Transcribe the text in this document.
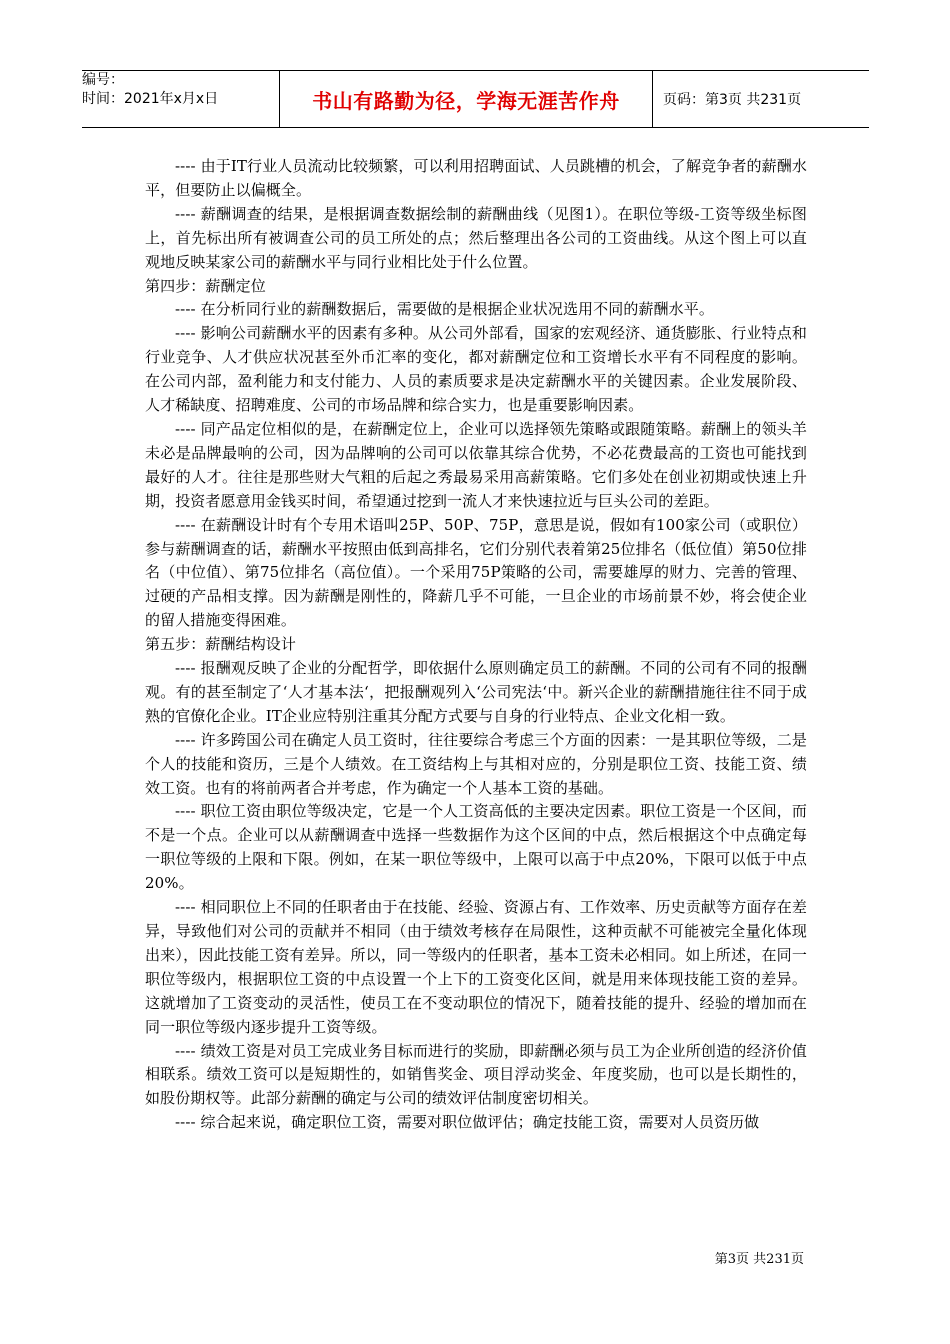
编号：
时间：2021年x月x日	书山有路勤为径，学海无涯苦作舟	页码：第3页 共231页

---- 由于IT行业人员流动比较频繁，可以利用招聘面试、人员跳槽的机会，了解竞争者的薪酬水平，但要防止以偏概全。

---- 薪酬调查的结果，是根据调查数据绘制的薪酬曲线（见图1）。在职位等级-工资等级坐标图上，首先标出所有被调查公司的员工所处的点；然后整理出各公司的工资曲线。从这个图上可以直观地反映某家公司的薪酬水平与同行业相比处于什么位置。

第四步：薪酬定位

---- 在分析同行业的薪酬数据后，需要做的是根据企业状况选用不同的薪酬水平。

---- 影响公司薪酬水平的因素有多种。从公司外部看，国家的宏观经济、通货膨胀、行业特点和行业竞争、人才供应状况甚至外币汇率的变化，都对薪酬定位和工资增长水平有不同程度的影响。在公司内部，盈利能力和支付能力、人员的素质要求是决定薪酬水平的关键因素。企业发展阶段、人才稀缺度、招聘难度、公司的市场品牌和综合实力，也是重要影响因素。

---- 同产品定位相似的是，在薪酬定位上，企业可以选择领先策略或跟随策略。薪酬上的领头羊未必是品牌最响的公司，因为品牌响的公司可以依靠其综合优势，不必花费最高的工资也可能找到最好的人才。往往是那些财大气粗的后起之秀最易采用高薪策略。它们多处在创业初期或快速上升期，投资者愿意用金钱买时间，希望通过挖到一流人才来快速拉近与巨头公司的差距。

---- 在薪酬设计时有个专用术语叫25P、50P、75P，意思是说，假如有100家公司（或职位）参与薪酬调查的话，薪酬水平按照由低到高排名，它们分别代表着第25位排名（低位值）第50位排名（中位值）、第75位排名（高位值）。一个采用75P策略的公司，需要雄厚的财力、完善的管理、过硬的产品相支撑。因为薪酬是刚性的，降薪几乎不可能，一旦企业的市场前景不妙，将会使企业的留人措施变得困难。

第五步：薪酬结构设计

---- 报酬观反映了企业的分配哲学，即依据什么原则确定员工的薪酬。不同的公司有不同的报酬观。有的甚至制定了‘人才基本法‘，把报酬观列入‘公司宪法‘中。新兴企业的薪酬措施往往不同于成熟的官僚化企业。IT企业应特别注重其分配方式要与自身的行业特点、企业文化相一致。

---- 许多跨国公司在确定人员工资时，往往要综合考虑三个方面的因素：一是其职位等级，二是个人的技能和资历，三是个人绩效。在工资结构上与其相对应的，分别是职位工资、技能工资、绩效工资。也有的将前两者合并考虑，作为确定一个人基本工资的基础。

---- 职位工资由职位等级决定，它是一个人工资高低的主要决定因素。职位工资是一个区间，而不是一个点。企业可以从薪酬调查中选择一些数据作为这个区间的中点，然后根据这个中点确定每一职位等级的上限和下限。例如，在某一职位等级中，上限可以高于中点20%，下限可以低于中点20%。

---- 相同职位上不同的任职者由于在技能、经验、资源占有、工作效率、历史贡献等方面存在差异，导致他们对公司的贡献并不相同（由于绩效考核存在局限性，这种贡献不可能被完全量化体现出来），因此技能工资有差异。所以，同一等级内的任职者，基本工资未必相同。如上所述，在同一职位等级内，根据职位工资的中点设置一个上下的工资变化区间，就是用来体现技能工资的差异。这就增加了工资变动的灵活性，使员工在不变动职位的情况下，随着技能的提升、经验的增加而在同一职位等级内逐步提升工资等级。

---- 绩效工资是对员工完成业务目标而进行的奖励，即薪酬必须与员工为企业所创造的经济价值相联系。绩效工资可以是短期性的，如销售奖金、项目浮动奖金、年度奖励，也可以是长期性的，如股份期权等。此部分薪酬的确定与公司的绩效评估制度密切相关。

---- 综合起来说，确定职位工资，需要对职位做评估；确定技能工资，需要对人员资历做

第3页 共231页
